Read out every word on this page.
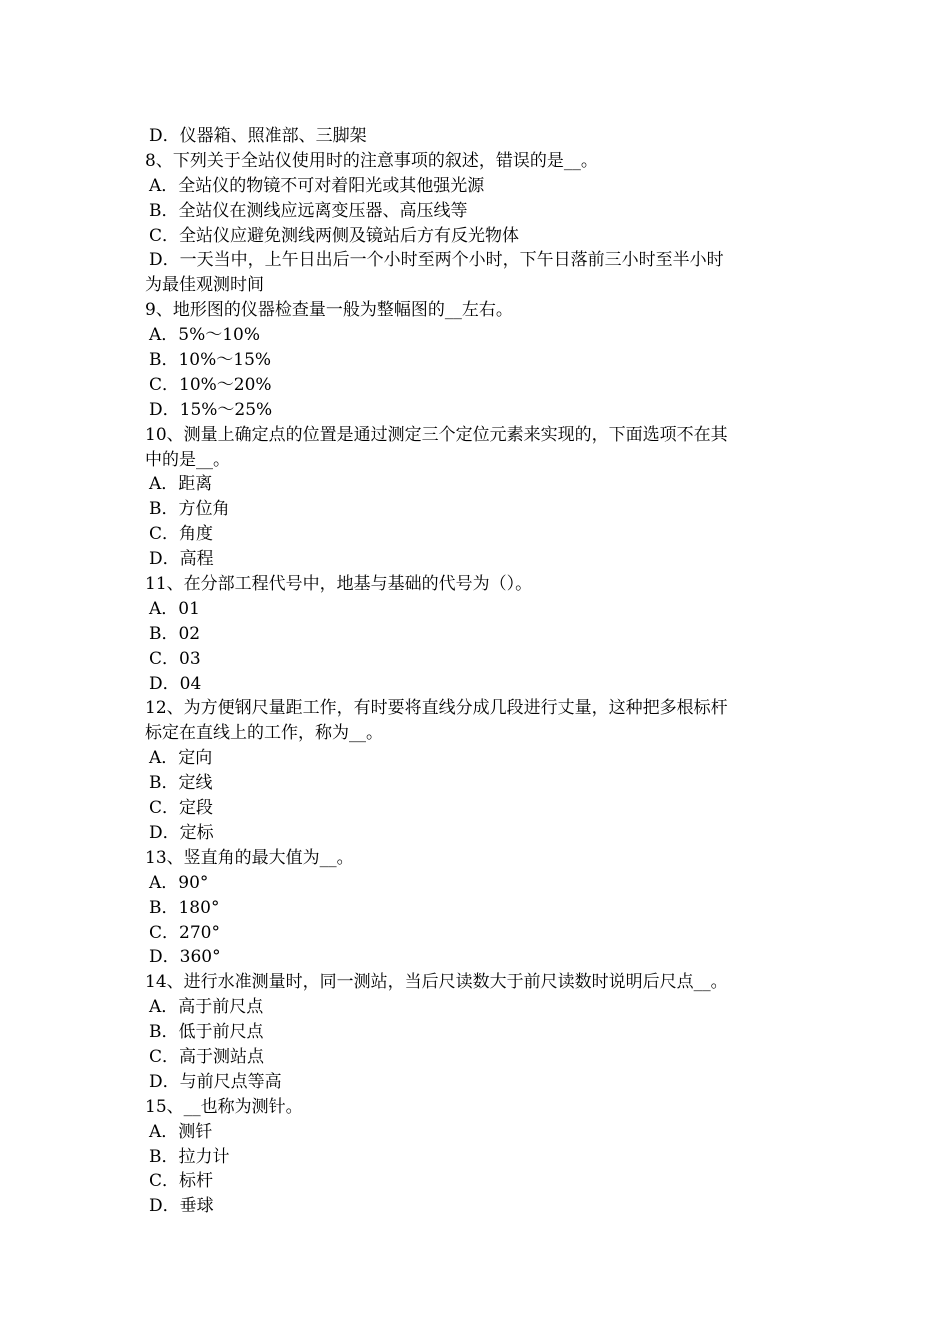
D．仪器箱、照准部、三脚架
8、下列关于全站仪使用时的注意事项的叙述，错误的是__。
A．全站仪的物镜不可对着阳光或其他强光源
B．全站仪在测线应远离变压器、高压线等
C．全站仪应避免测线两侧及镜站后方有反光物体
D．一天当中，上午日出后一个小时至两个小时，下午日落前三小时至半小时
为最佳观测时间
9、地形图的仪器检查量一般为整幅图的__左右。
A．5%～10%
B．10%～15%
C．10%～20%
D．15%～25%
10、测量上确定点的位置是通过测定三个定位元素来实现的，下面选项不在其
中的是__。
A．距离
B．方位角
C．角度
D．高程
11、在分部工程代号中，地基与基础的代号为（）。
A．01
B．02
C．03
D．04
12、为方便钢尺量距工作，有时要将直线分成几段进行丈量，这种把多根标杆
标定在直线上的工作，称为__。
A．定向
B．定线
C．定段
D．定标
13、竖直角的最大值为__。
A．90°
B．180°
C．270°
D．360°
14、进行水准测量时，同一测站，当后尺读数大于前尺读数时说明后尺点__。
A．高于前尺点
B．低于前尺点
C．高于测站点
D．与前尺点等高
15、__也称为测针。
A．测钎
B．拉力计
C．标杆
D．垂球
